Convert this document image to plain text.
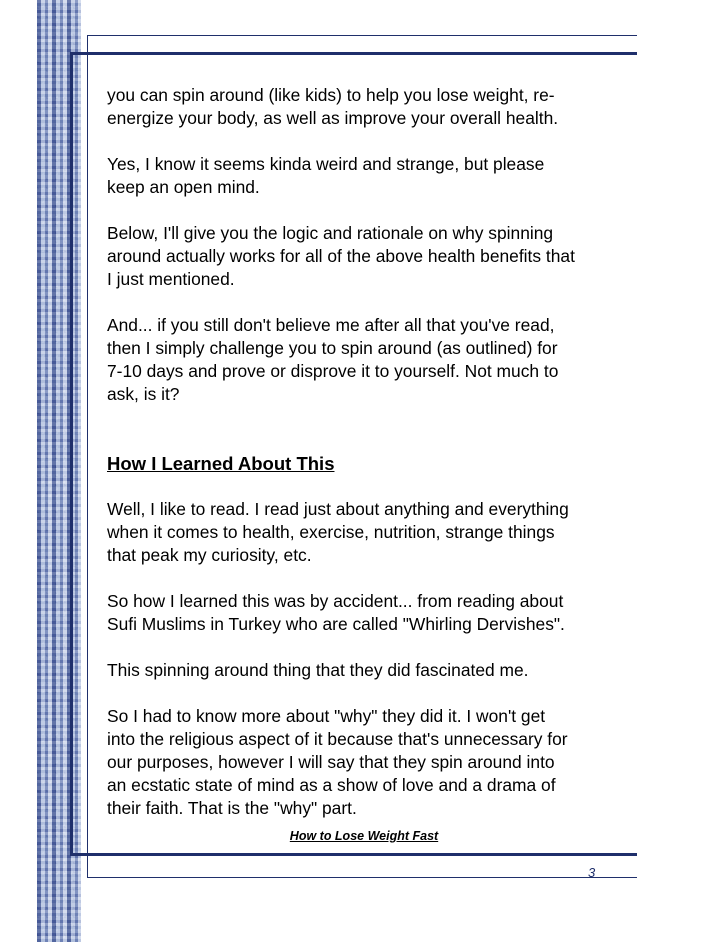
you can spin around (like kids) to help you lose weight, re-
energize your body, as well as improve your overall health.

Yes, I know it seems kinda weird and strange, but please
keep an open mind.

Below, I'll give you the logic and rationale on why spinning
around actually works for all of the above health benefits that
I just mentioned.

And... if you still don't believe me after all that you've read,
then I simply challenge you to spin around (as outlined) for
7-10 days and prove or disprove it to yourself. Not much to
ask, is it?

How I Learned About This

Well, I like to read. I read just about anything and everything
when it comes to health, exercise, nutrition, strange things
that peak my curiosity, etc.

So how I learned this was by accident... from reading about
Sufi Muslims in Turkey who are called "Whirling Dervishes".

This spinning around thing that they did fascinated me.

So I had to know more about "why" they did it. I won't get
into the religious aspect of it because that's unnecessary for
our purposes, however I will say that they spin around into
an ecstatic state of mind as a show of love and a drama of
their faith. That is the "why" part.

How to Lose Weight Fast
3
